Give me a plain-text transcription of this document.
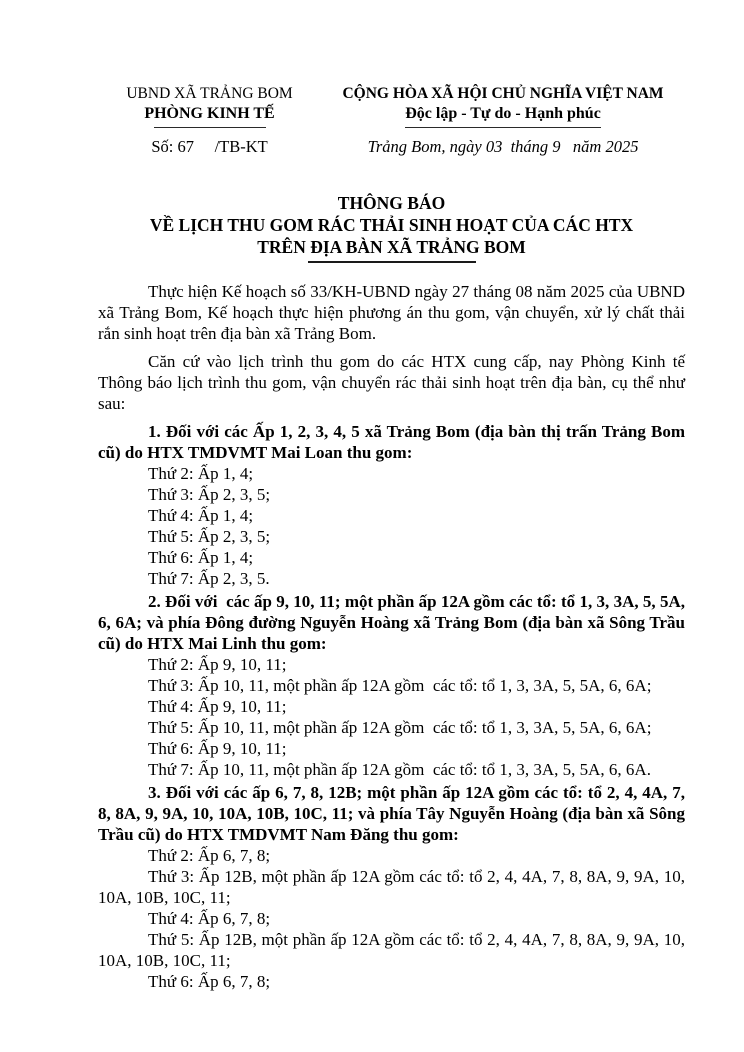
UBND XÃ TRẢNG BOM
PHÒNG KINH TẾ
Số: 67     /TB-KT
CỘNG HÒA XÃ HỘI CHỦ NGHĨA VIỆT NAM
Độc lập - Tự do - Hạnh phúc
Trảng Bom, ngày 03  tháng 9   năm 2025
THÔNG BÁO
VỀ LỊCH THU GOM RÁC THẢI SINH HOẠT CỦA CÁC HTX
TRÊN ĐỊA BÀN XÃ TRẢNG BOM

Thực hiện Kế hoạch số 33/KH-UBND ngày 27 tháng 08 năm 2025 của UBND xã Trảng Bom, Kế hoạch thực hiện phương án thu gom, vận chuyển, xử lý chất thải rắn sinh hoạt trên địa bàn xã Trảng Bom.

Căn cứ vào lịch trình thu gom do các HTX cung cấp, nay Phòng Kinh tế Thông báo lịch trình thu gom, vận chuyển rác thải sinh hoạt trên địa bàn, cụ thể như sau:

1. Đối với các Ấp 1, 2, 3, 4, 5 xã Trảng Bom (địa bàn thị trấn Trảng Bom cũ) do HTX TMDVMT Mai Loan thu gom:

Thứ 2: Ấp 1, 4;

Thứ 3: Ấp 2, 3, 5;

Thứ 4: Ấp 1, 4;

Thứ 5: Ấp 2, 3, 5;

Thứ 6: Ấp 1, 4;

Thứ 7: Ấp 2, 3, 5.

2. Đối với  các ấp 9, 10, 11; một phần ấp 12A gồm các tổ: tổ 1, 3, 3A, 5, 5A, 6, 6A; và phía Đông đường Nguyễn Hoàng xã Trảng Bom (địa bàn xã Sông Trầu cũ) do HTX Mai Linh thu gom:

Thứ 2: Ấp 9, 10, 11;

Thứ 3: Ấp 10, 11, một phần ấp 12A gồm  các tổ: tổ 1, 3, 3A, 5, 5A, 6, 6A;

Thứ 4: Ấp 9, 10, 11;

Thứ 5: Ấp 10, 11, một phần ấp 12A gồm  các tổ: tổ 1, 3, 3A, 5, 5A, 6, 6A;

Thứ 6: Ấp 9, 10, 11;

Thứ 7: Ấp 10, 11, một phần ấp 12A gồm  các tổ: tổ 1, 3, 3A, 5, 5A, 6, 6A.

3. Đối với các ấp 6, 7, 8, 12B; một phần ấp 12A gồm các tổ: tổ 2, 4, 4A, 7, 8, 8A, 9, 9A, 10, 10A, 10B, 10C, 11; và phía Tây Nguyễn Hoàng (địa bàn xã Sông Trầu cũ) do HTX TMDVMT Nam Đăng thu gom:

Thứ 2: Ấp 6, 7, 8;

Thứ 3: Ấp 12B, một phần ấp 12A gồm các tổ: tổ 2, 4, 4A, 7, 8, 8A, 9, 9A, 10, 10A, 10B, 10C, 11;

Thứ 4: Ấp 6, 7, 8;

Thứ 5: Ấp 12B, một phần ấp 12A gồm các tổ: tổ 2, 4, 4A, 7, 8, 8A, 9, 9A, 10, 10A, 10B, 10C, 11;

Thứ 6: Ấp 6, 7, 8;
